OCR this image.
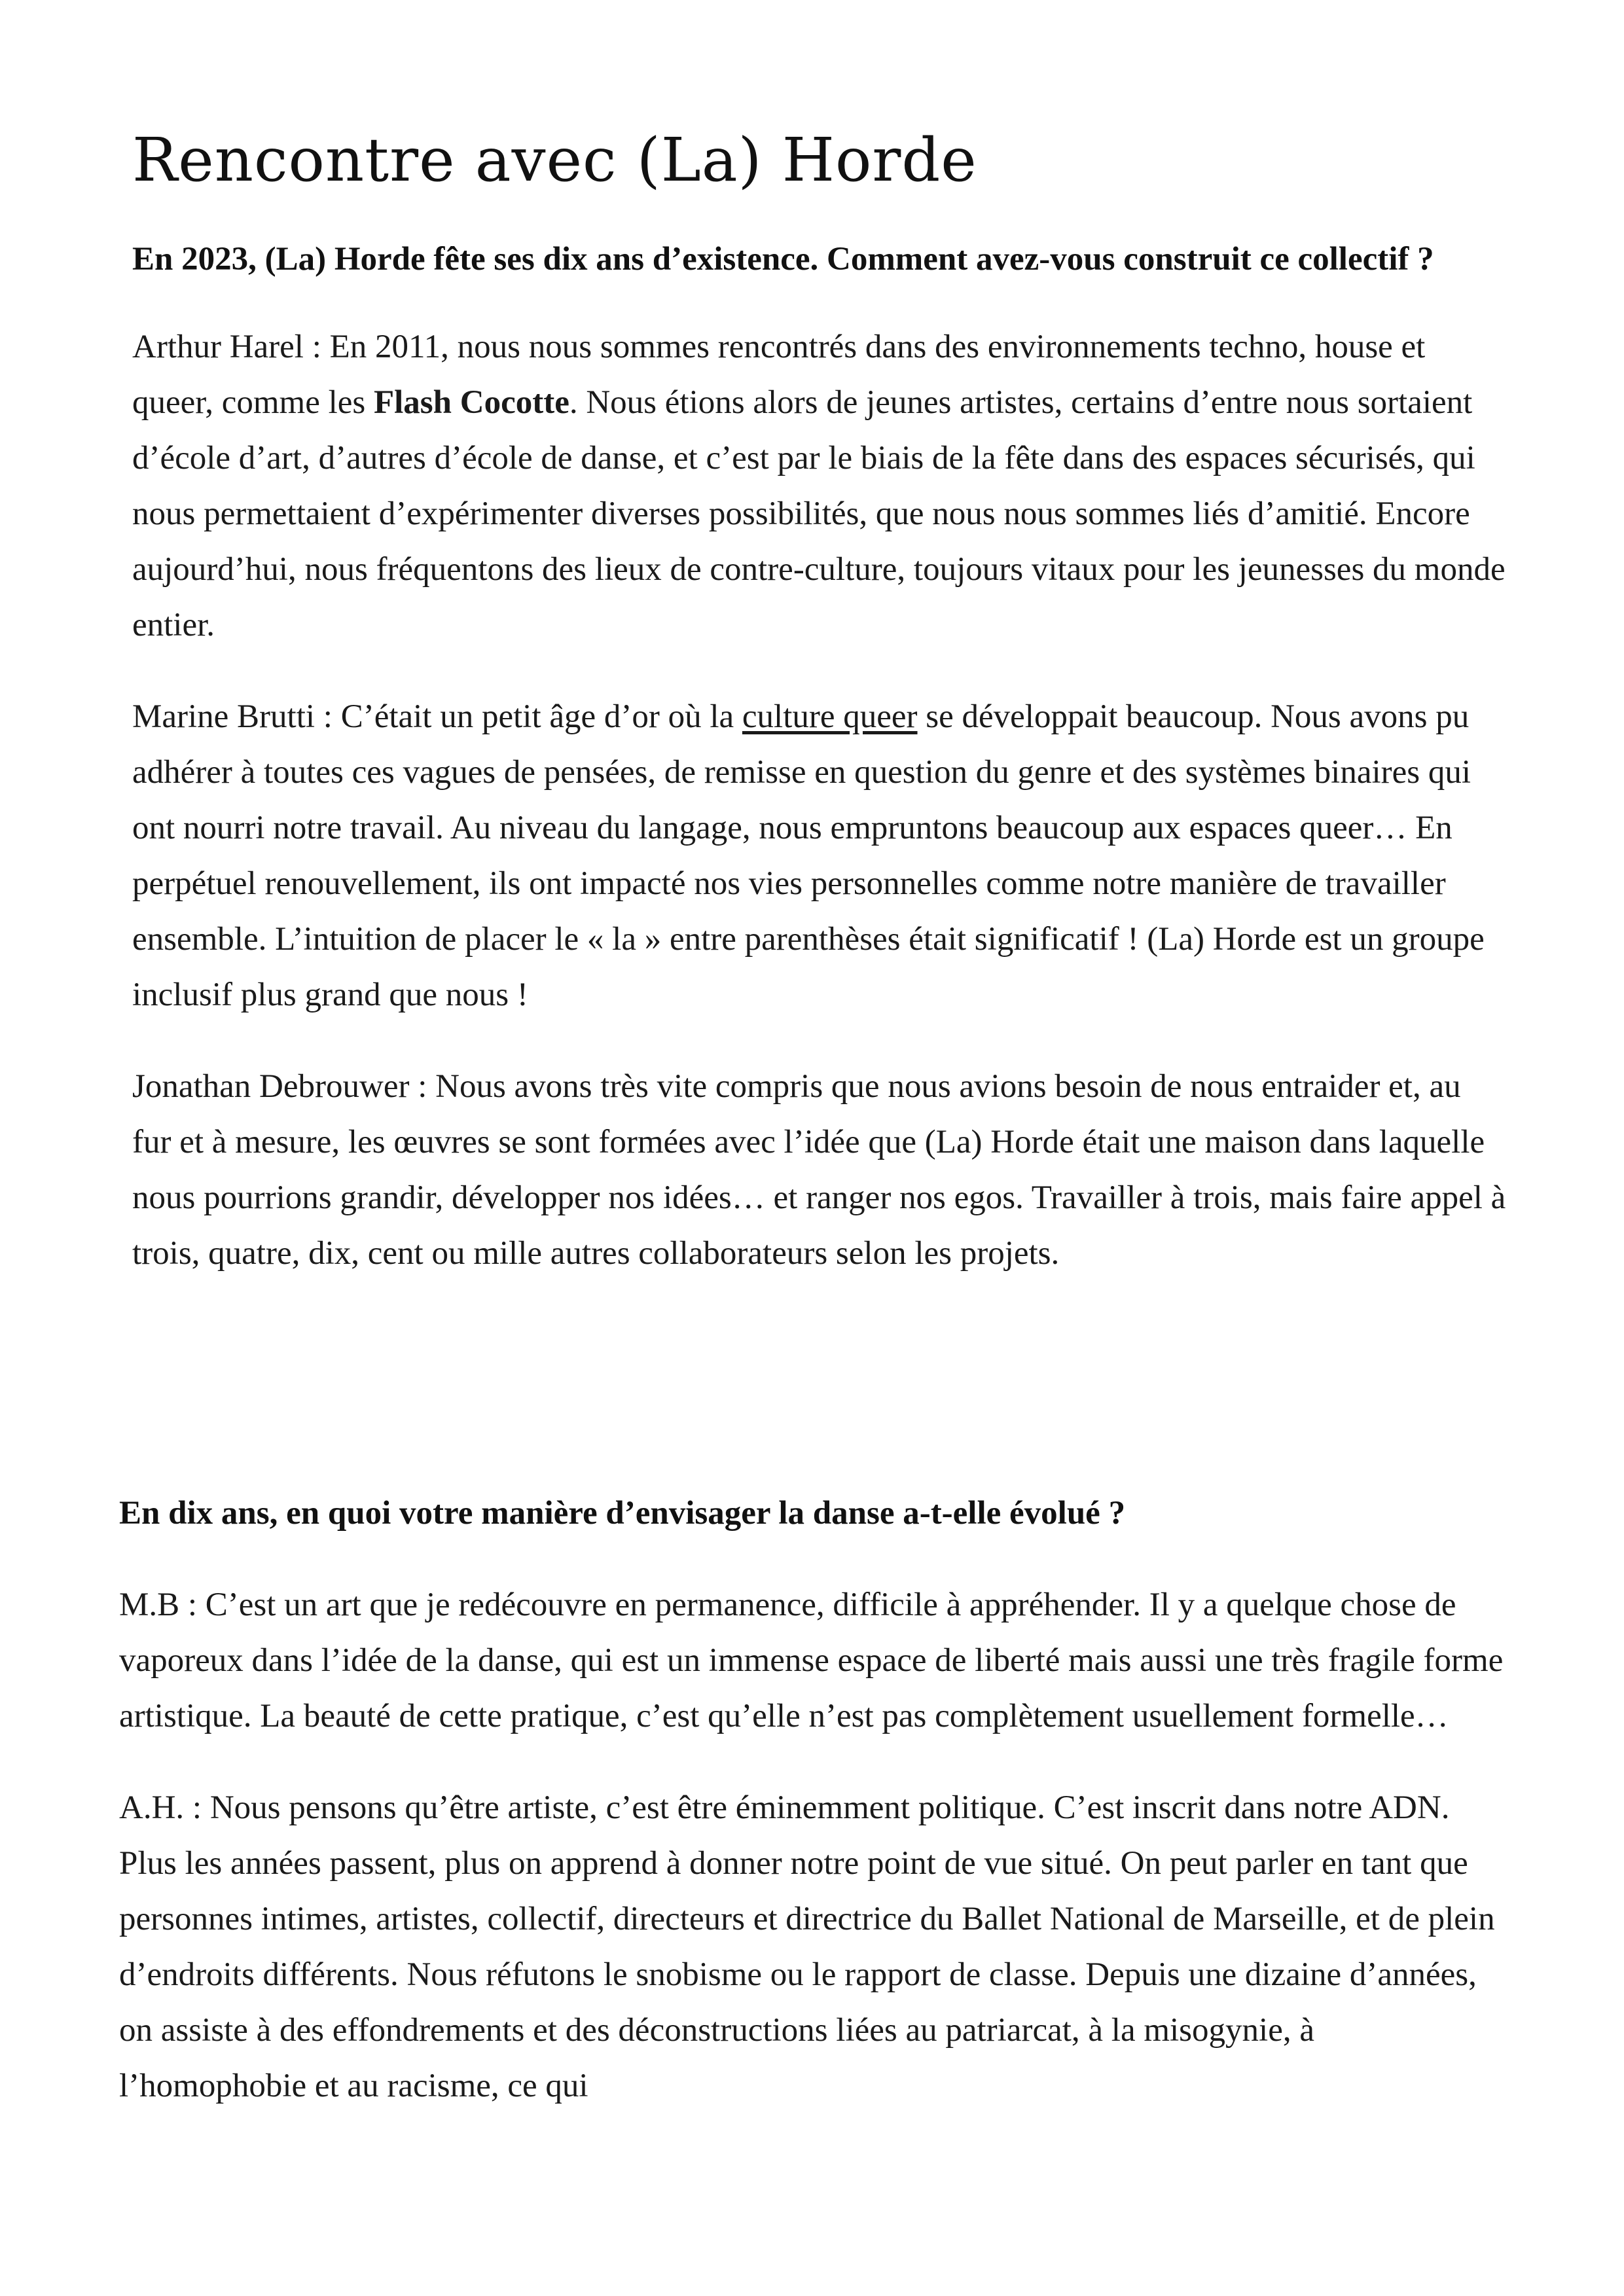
Rencontre avec (La) Horde

En 2023, (La) Horde fête ses dix ans d’existence. Comment avez-vous construit ce collectif ?

Arthur Harel : En 2011, nous nous sommes rencontrés dans des environnements techno, house et queer, comme les Flash Cocotte. Nous étions alors de jeunes artistes, certains d’entre nous sortaient d’école d’art, d’autres d’école de danse, et c’est par le biais de la fête dans des espaces sécurisés, qui nous permettaient d’expérimenter diverses possibilités, que nous nous sommes liés d’amitié. Encore aujourd’hui, nous fréquentons des lieux de contre-culture, toujours vitaux pour les jeunesses du monde entier.

Marine Brutti : C’était un petit âge d’or où la culture queer se développait beaucoup. Nous avons pu adhérer à toutes ces vagues de pensées, de remisse en question du genre et des systèmes binaires qui ont nourri notre travail. Au niveau du langage, nous empruntons beaucoup aux espaces queer… En perpétuel renouvellement, ils ont impacté nos vies personnelles comme notre manière de travailler ensemble. L’intuition de placer le « la » entre parenthèses était significatif ! (La) Horde est un groupe inclusif plus grand que nous !

Jonathan Debrouwer : Nous avons très vite compris que nous avions besoin de nous entraider et, au fur et à mesure, les œuvres se sont formées avec l’idée que (La) Horde était une maison dans laquelle nous pourrions grandir, développer nos idées… et ranger nos egos. Travailler à trois, mais faire appel à trois, quatre, dix, cent ou mille autres collaborateurs selon les projets.

En dix ans, en quoi votre manière d’envisager la danse a-t-elle évolué ?

M.B : C’est un art que je redécouvre en permanence, difficile à appréhender. Il y a quelque chose de vaporeux dans l’idée de la danse, qui est un immense espace de liberté mais aussi une très fragile forme artistique. La beauté de cette pratique, c’est qu’elle n’est pas complètement usuellement formelle…

A.H. : Nous pensons qu’être artiste, c’est être éminemment politique. C’est inscrit dans notre ADN. Plus les années passent, plus on apprend à donner notre point de vue situé. On peut parler en tant que personnes intimes, artistes, collectif, directeurs et directrice du Ballet National de Marseille, et de plein d’endroits différents. Nous réfutons le snobisme ou le rapport de classe. Depuis une dizaine d’années, on assiste à des effondrements et des déconstructions liées au patriarcat, à la misogynie, à l’homophobie et au racisme, ce qui
